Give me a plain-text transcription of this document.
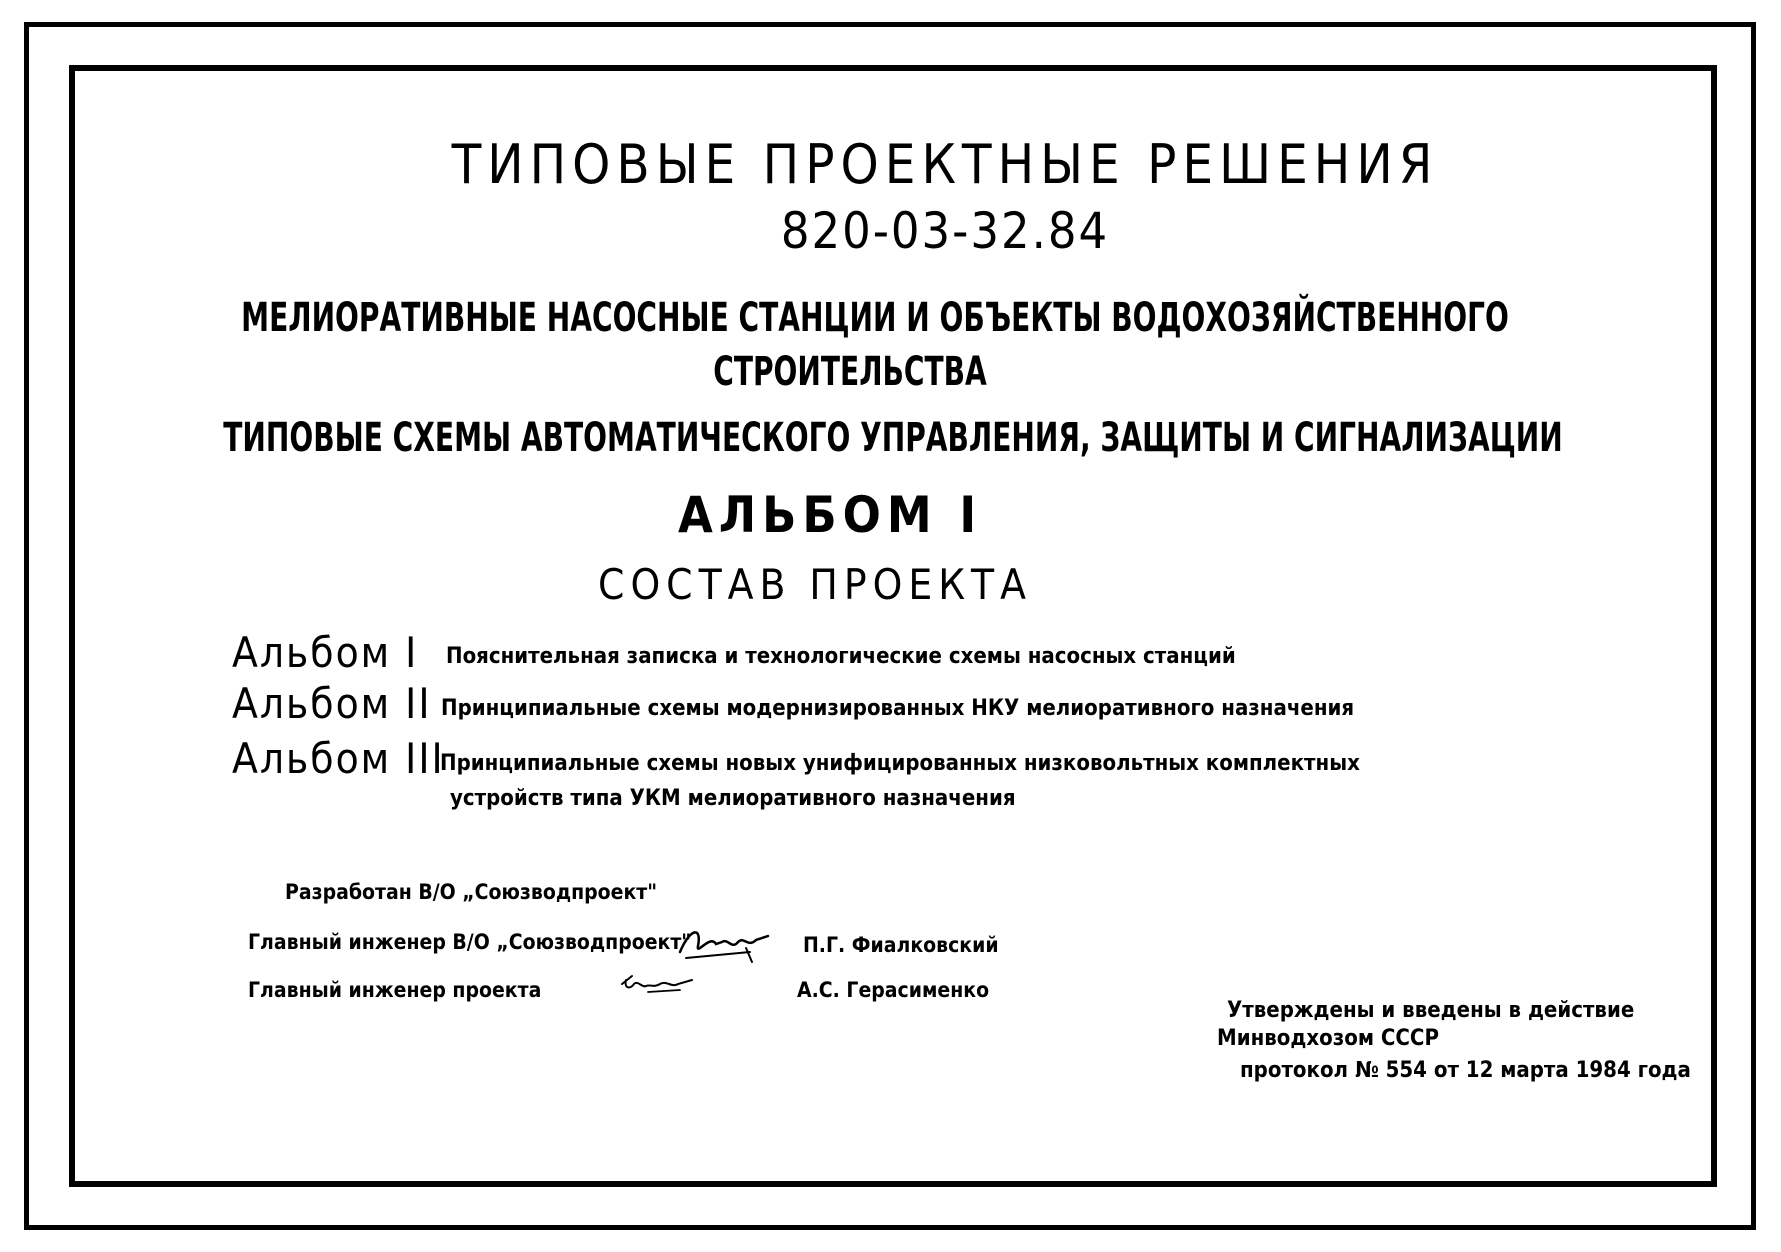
ТИПОВЫЕ ПРОЕКТНЫЕ РЕШЕНИЯ
820-03-32.84
МЕЛИОРАТИВНЫЕ НАСОСНЫЕ СТАНЦИИ И ОБЪЕКТЫ ВОДОХОЗЯЙСТВЕННОГО
СТРОИТЕЛЬСТВА
ТИПОВЫЕ СХЕМЫ АВТОМАТИЧЕСКОГО УПРАВЛЕНИЯ, ЗАЩИТЫ И СИГНАЛИЗАЦИИ
АЛЬБОМ I
СОСТАВ ПРОЕКТА
Альбом I Пояснительная записка и технологические схемы насосных станций
Альбом II Принципиальные схемы модернизированных НКУ мелиоративного назначения
Альбом III
Принципиальные схемы новых унифицированных низковольтных комплектных
устройств типа УКМ мелиоративного назначения
Разработан В/О „Союзводпроект"
Главный инженер В/О „Союзводпроект"	П.Г. Фиалковский
Главный инженер проекта	А.С. Герасименко
Утверждены и введены в действие
Минводхозом СССР
протокол № 554 от 12 марта 1984 года
